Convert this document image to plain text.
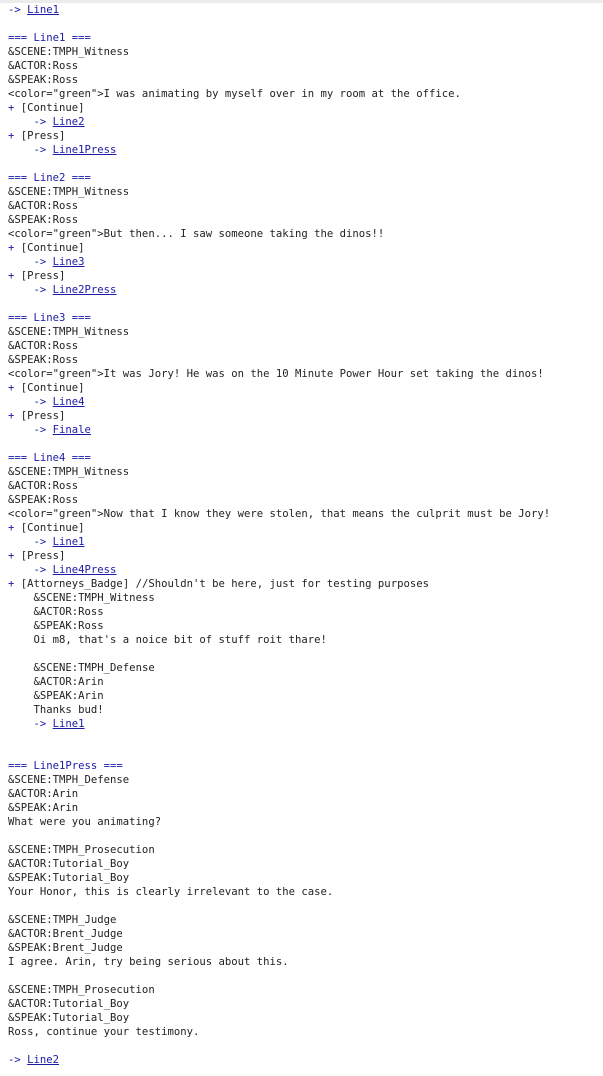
-> Line1
=== Line1 ===
&SCENE:TMPH_Witness
&ACTOR:Ross
&SPEAK:Ross
<color="green">I was animating by myself over in my room at the office.
+ [Continue]
-> Line2
+ [Press]
-> Line1Press
=== Line2 ===
&SCENE:TMPH_Witness
&ACTOR:Ross
&SPEAK:Ross
<color="green">But then... I saw someone taking the dinos!!
+ [Continue]
-> Line3
+ [Press]
-> Line2Press
=== Line3 ===
&SCENE:TMPH_Witness
&ACTOR:Ross
&SPEAK:Ross
<color="green">It was Jory! He was on the 10 Minute Power Hour set taking the dinos!
+ [Continue]
-> Line4
+ [Press]
-> Finale
=== Line4 ===
&SCENE:TMPH_Witness
&ACTOR:Ross
&SPEAK:Ross
<color="green">Now that I know they were stolen, that means the culprit must be Jory!
+ [Continue]
-> Line1
+ [Press]
-> Line4Press
+ [Attorneys_Badge] //Shouldn't be here, just for testing purposes
&SCENE:TMPH_Witness
&ACTOR:Ross
&SPEAK:Ross
Oi m8, that's a noice bit of stuff roit thare!
&SCENE:TMPH_Defense
&ACTOR:Arin
&SPEAK:Arin
Thanks bud!
-> Line1
=== Line1Press ===
&SCENE:TMPH_Defense
&ACTOR:Arin
&SPEAK:Arin
What were you animating?
&SCENE:TMPH_Prosecution
&ACTOR:Tutorial_Boy
&SPEAK:Tutorial_Boy
Your Honor, this is clearly irrelevant to the case.
&SCENE:TMPH_Judge
&ACTOR:Brent_Judge
&SPEAK:Brent_Judge
I agree. Arin, try being serious about this.
&SCENE:TMPH_Prosecution
&ACTOR:Tutorial_Boy
&SPEAK:Tutorial_Boy
Ross, continue your testimony.
-> Line2
